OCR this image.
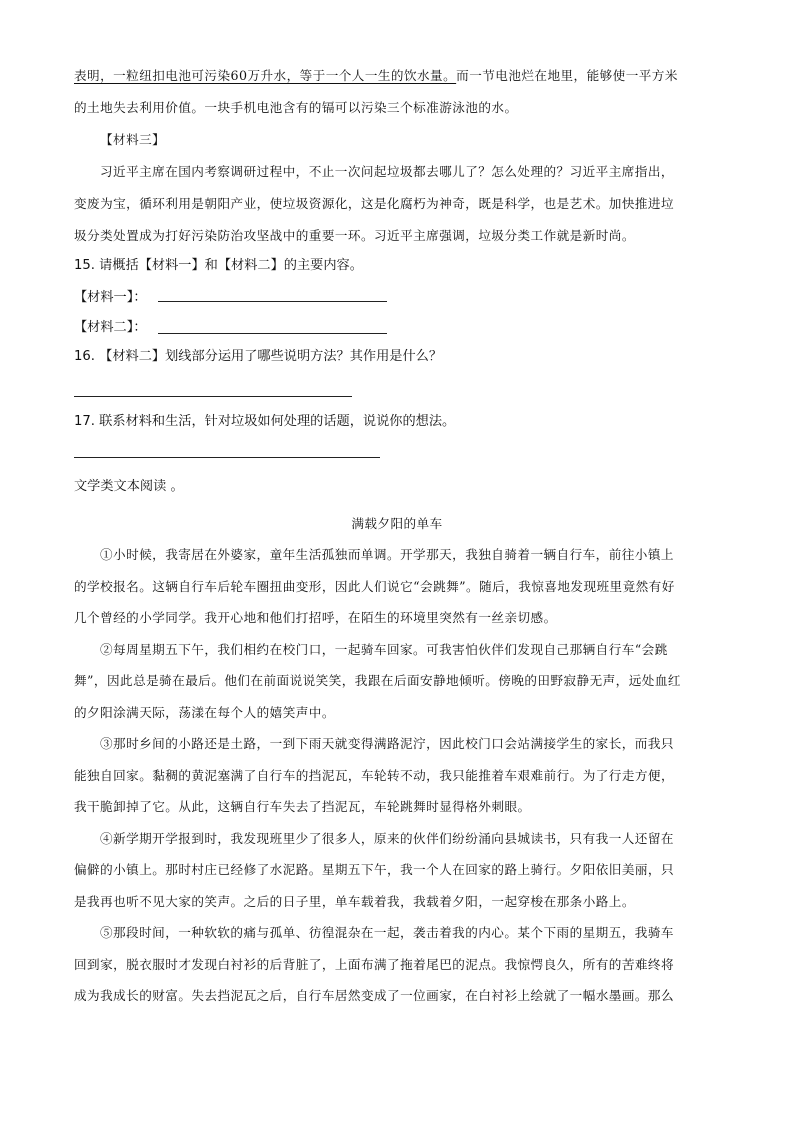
表明，一粒纽扣电池可污染60万升水，等于一个人一生的饮水量。而一节电池烂在地里，能够使一平方米
的土地失去利用价值。一块手机电池含有的镉可以污染三个标准游泳池的水。
【材料三】
习近平主席在国内考察调研过程中，不止一次问起垃圾都去哪儿了？怎么处理的？习近平主席指出，
变废为宝，循环利用是朝阳产业，使垃圾资源化，这是化腐朽为神奇，既是科学，也是艺术。加快推进垃
圾分类处置成为打好污染防治攻坚战中的重要一环。习近平主席强调，垃圾分类工作就是新时尚。
15. 请概括【材料一】和【材料二】的主要内容。
【材料一】：
【材料二】：
16. 【材料二】划线部分运用了哪些说明方法？其作用是什么？
17. 联系材料和生活，针对垃圾如何处理的话题，说说你的想法。
文学类文本阅读 。
满载夕阳的单车
①小时候，我寄居在外婆家，童年生活孤独而单调。开学那天，我独自骑着一辆自行车，前往小镇上
的学校报名。这辆自行车后轮车圈扭曲变形，因此人们说它“会跳舞”。随后，我惊喜地发现班里竟然有好
几个曾经的小学同学。我开心地和他们打招呼，在陌生的环境里突然有一丝亲切感。
②每周星期五下午，我们相约在校门口，一起骑车回家。可我害怕伙伴们发现自己那辆自行车“会跳
舞”，因此总是骑在最后。他们在前面说说笑笑，我跟在后面安静地倾听。傍晚的田野寂静无声，远处血红
的夕阳涂满天际，荡漾在每个人的嬉笑声中。
③那时乡间的小路还是土路，一到下雨天就变得满路泥泞，因此校门口会站满接学生的家长，而我只
能独自回家。黏稠的黄泥塞满了自行车的挡泥瓦，车轮转不动，我只能推着车艰难前行。为了行走方便，
我干脆卸掉了它。从此，这辆自行车失去了挡泥瓦，车轮跳舞时显得格外刺眼。
④新学期开学报到时，我发现班里少了很多人，原来的伙伴们纷纷涌向县城读书，只有我一人还留在
偏僻的小镇上。那时村庄已经修了水泥路。星期五下午，我一个人在回家的路上骑行。夕阳依旧美丽，只
是我再也听不见大家的笑声。之后的日子里，单车载着我，我载着夕阳，一起穿梭在那条小路上。
⑤那段时间，一种软软的痛与孤单、彷徨混杂在一起，袭击着我的内心。某个下雨的星期五，我骑车
回到家，脱衣服时才发现白衬衫的后背脏了，上面布满了拖着尾巴的泥点。我惊愕良久，所有的苦难终将
成为我成长的财富。失去挡泥瓦之后，自行车居然变成了一位画家，在白衬衫上绘就了一幅水墨画。那么
